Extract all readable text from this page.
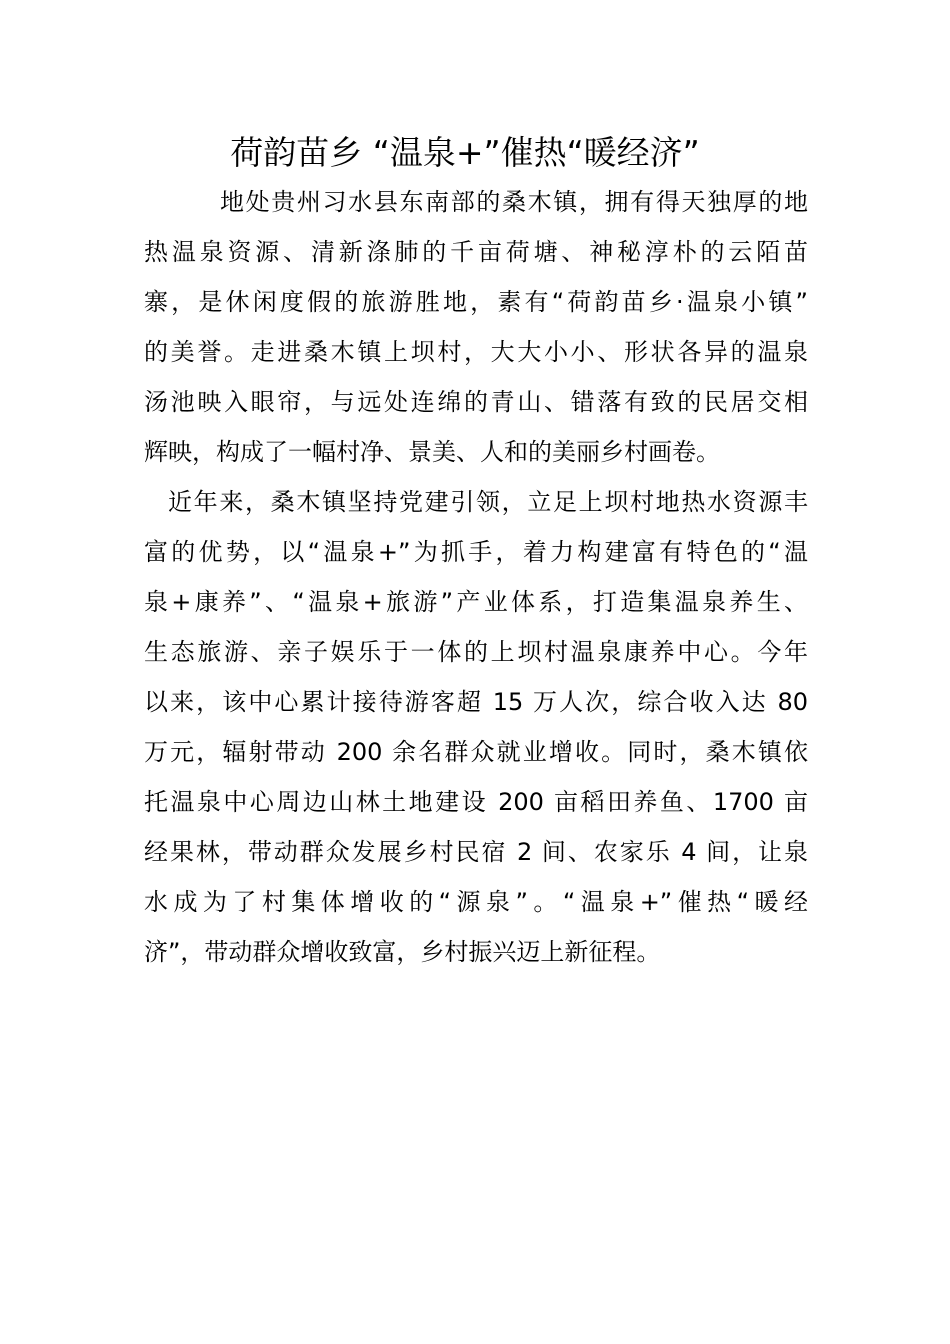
荷韵苗乡 “温泉+”催热“暖经济”
地处贵州习水县东南部的桑木镇，拥有得天独厚的地
热温泉资源、清新涤肺的千亩荷塘、神秘淳朴的云陌苗
寨，是休闲度假的旅游胜地，素有“荷韵苗乡·温泉小镇”
的美誉。走进桑木镇上坝村，大大小小、形状各异的温泉
汤池映入眼帘，与远处连绵的青山、错落有致的民居交相
辉映，构成了一幅村净、景美、人和的美丽乡村画卷。
近年来，桑木镇坚持党建引领，立足上坝村地热水资源丰
富的优势，以“温泉+”为抓手，着力构建富有特色的“温
泉+康养”、“温泉+旅游”产业体系，打造集温泉养生、
生态旅游、亲子娱乐于一体的上坝村温泉康养中心。今年
以来，该中心累计接待游客超 15 万人次，综合收入达 80
万元，辐射带动 200 余名群众就业增收。同时，桑木镇依
托温泉中心周边山林土地建设 200 亩稻田养鱼、1700 亩
经果林，带动群众发展乡村民宿 2 间、农家乐 4 间，让泉
水成为了村集体增收的“源泉”。“温泉+”催热“暖经
济”，带动群众增收致富，乡村振兴迈上新征程。
